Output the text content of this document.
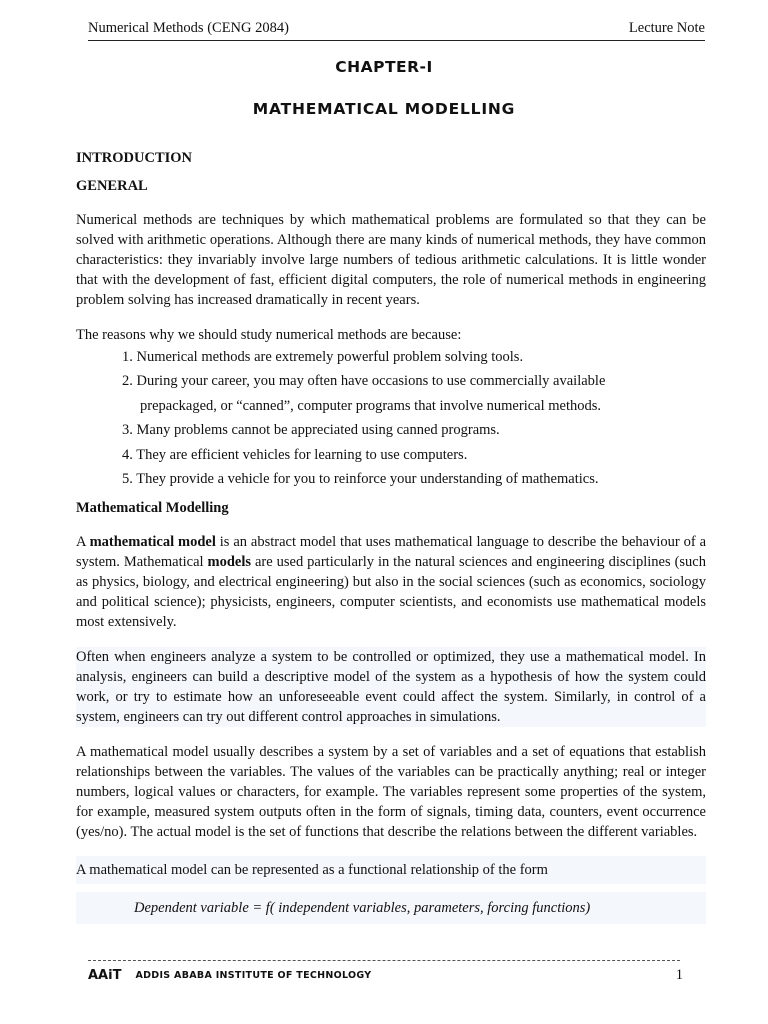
Numerical Methods (CENG 2084)	Lecture Note
CHAPTER-I
MATHEMATICAL MODELLING
INTRODUCTION
GENERAL

Numerical methods are techniques by which mathematical problems are formulated so that they can be solved with arithmetic operations. Although there are many kinds of numerical methods, they have common characteristics: they invariably involve large numbers of tedious arithmetic calculations. It is little wonder that with the development of fast, efficient digital computers, the role of numerical methods in engineering problem solving has increased dramatically in recent years.

The reasons why we should study numerical methods are because:

1. Numerical methods are extremely powerful problem solving tools.
2. During your career, you may often have occasions to use commercially available
prepackaged, or “canned”, computer programs that involve numerical methods.
3. Many problems cannot be appreciated using canned programs.
4. They are efficient vehicles for learning to use computers.
5. They provide a vehicle for you to reinforce your understanding of mathematics.
Mathematical Modelling

A mathematical model is an abstract model that uses mathematical language to describe the behaviour of a system. Mathematical models are used particularly in the natural sciences and engineering disciplines (such as physics, biology, and electrical engineering) but also in the social sciences (such as economics, sociology and political science); physicists, engineers, computer scientists, and economists use mathematical models most extensively.

Often when engineers analyze a system to be controlled or optimized, they use a mathematical model. In analysis, engineers can build a descriptive model of the system as a hypothesis of how the system could work, or try to estimate how an unforeseeable event could affect the system. Similarly, in control of a system, engineers can try out different control approaches in simulations.

A mathematical model usually describes a system by a set of variables and a set of equations that establish relationships between the variables. The values of the variables can be practically anything; real or integer numbers, logical values or characters, for example. The variables represent some properties of the system, for example, measured system outputs often in the form of signals, timing data, counters, event occurrence (yes/no). The actual model is the set of functions that describe the relations between the different variables.

A mathematical model can be represented as a functional relationship of the form

Dependent variable = f( independent variables, parameters, forcing functions)

AAiT ADDIS ABABA INSTITUTE OF TECHNOLOGY	1
